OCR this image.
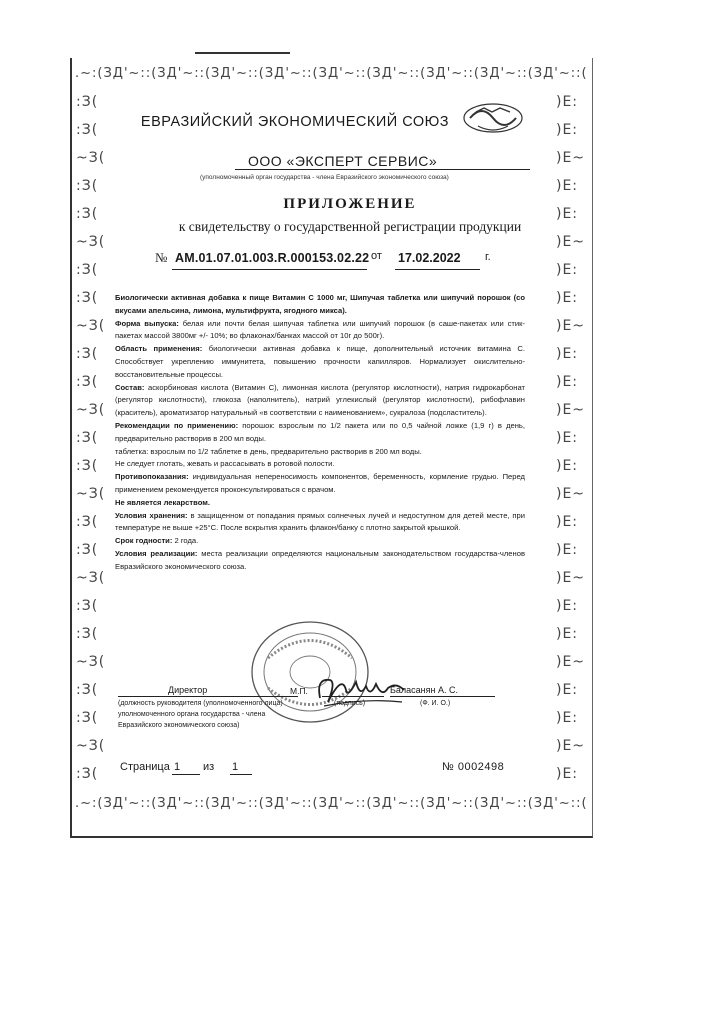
.~:(ЗД'~::(ЗД'~::(ЗД'~::(ЗД'~::(ЗД'~::(ЗД'~::(ЗД'~::(ЗД'~::(ЗД'~::(
:З( :З( ~З( :З( :З( ~З( :З( :З( ~З( :З( :З( ~З( :З( :З( ~З( :З( :З( ~З( :З( :З( ~З( :З( :З( ~З( :З(
)Е: )Е: )Е~ )Е: )Е: )Е~ )Е: )Е: )Е~ )Е: )Е: )Е~ )Е: )Е: )Е~ )Е: )Е: )Е~ )Е: )Е: )Е~ )Е: )Е: )Е~ )Е:
.~:(ЗД'~::(ЗД'~::(ЗД'~::(ЗД'~::(ЗД'~::(ЗД'~::(ЗД'~::(ЗД'~::(ЗД'~::(
ЕВРАЗИЙСКИЙ ЭКОНОМИЧЕСКИЙ СОЮЗ
ООО «ЭКСПЕРТ СЕРВИС»
(уполномоченный орган государства - члена Евразийского экономического союза)
ПРИЛОЖЕНИЕ
к свидетельству о государственной регистрации продукции
№ АМ.01.07.01.003.R.000153.02.22 от 17.02.2022 г.

Биологически активная добавка к пище Витамин С 1000 мг, Шипучая таблетка или шипучий порошок (со вкусами апельсина, лимона, мультифрукта, ягодного микса).

Форма выпуска: белая или почти белая шипучая таблетка или шипучий порошок (в саше-пакетах или стик-пакетах массой 3800мг +/- 10%; во флаконах/банках массой от 10г до 500г).

Область применения: биологически активная добавка к пище, дополнительный источник витамина С. Способствует укреплению иммунитета, повышению прочности капилляров. Нормализует окислительно-восстановительные процессы.

Состав: аскорбиновая кислота (Витамин С), лимонная кислота (регулятор кислотности), натрия гидрокарбонат (регулятор кислотности), глюкоза (наполнитель), натрий углекислый (регулятор кислотности), рибофлавин (краситель), ароматизатор натуральный «в соответствии с наименованием», сукралоза (подсластитель).

Рекомендации по применению: порошок: взрослым по 1/2 пакета или по 0,5 чайной ложке (1,9 г) в день, предварительно растворив в 200 мл воды.

таблетка: взрослым по 1/2 таблетке в день, предварительно растворив в 200 мл воды.

Не следует глотать, жевать и рассасывать в ротовой полости.

Противопоказания: индивидуальная непереносимость компонентов, беременность, кормление грудью. Перед применением рекомендуется проконсультироваться с врачом.

Не является лекарством.

Условия хранения: в защищенном от попадания прямых солнечных лучей и недоступном для детей месте, при температуре не выше +25°С. После вскрытия хранить флакон/банку с плотно закрытой крышкой.

Срок годности: 2 года.

Условия реализации: места реализации определяются национальным законодательством государства-членов Евразийского экономического союза.

Директор	М.П.	Баласанян А. С.
(должность руководителя (уполномоченного лица) уполномоченного органа государства - члена Евразийского экономического союза)
(подпись)	(Ф. И. О.)
Страница 1	из 1	№ 0002498
